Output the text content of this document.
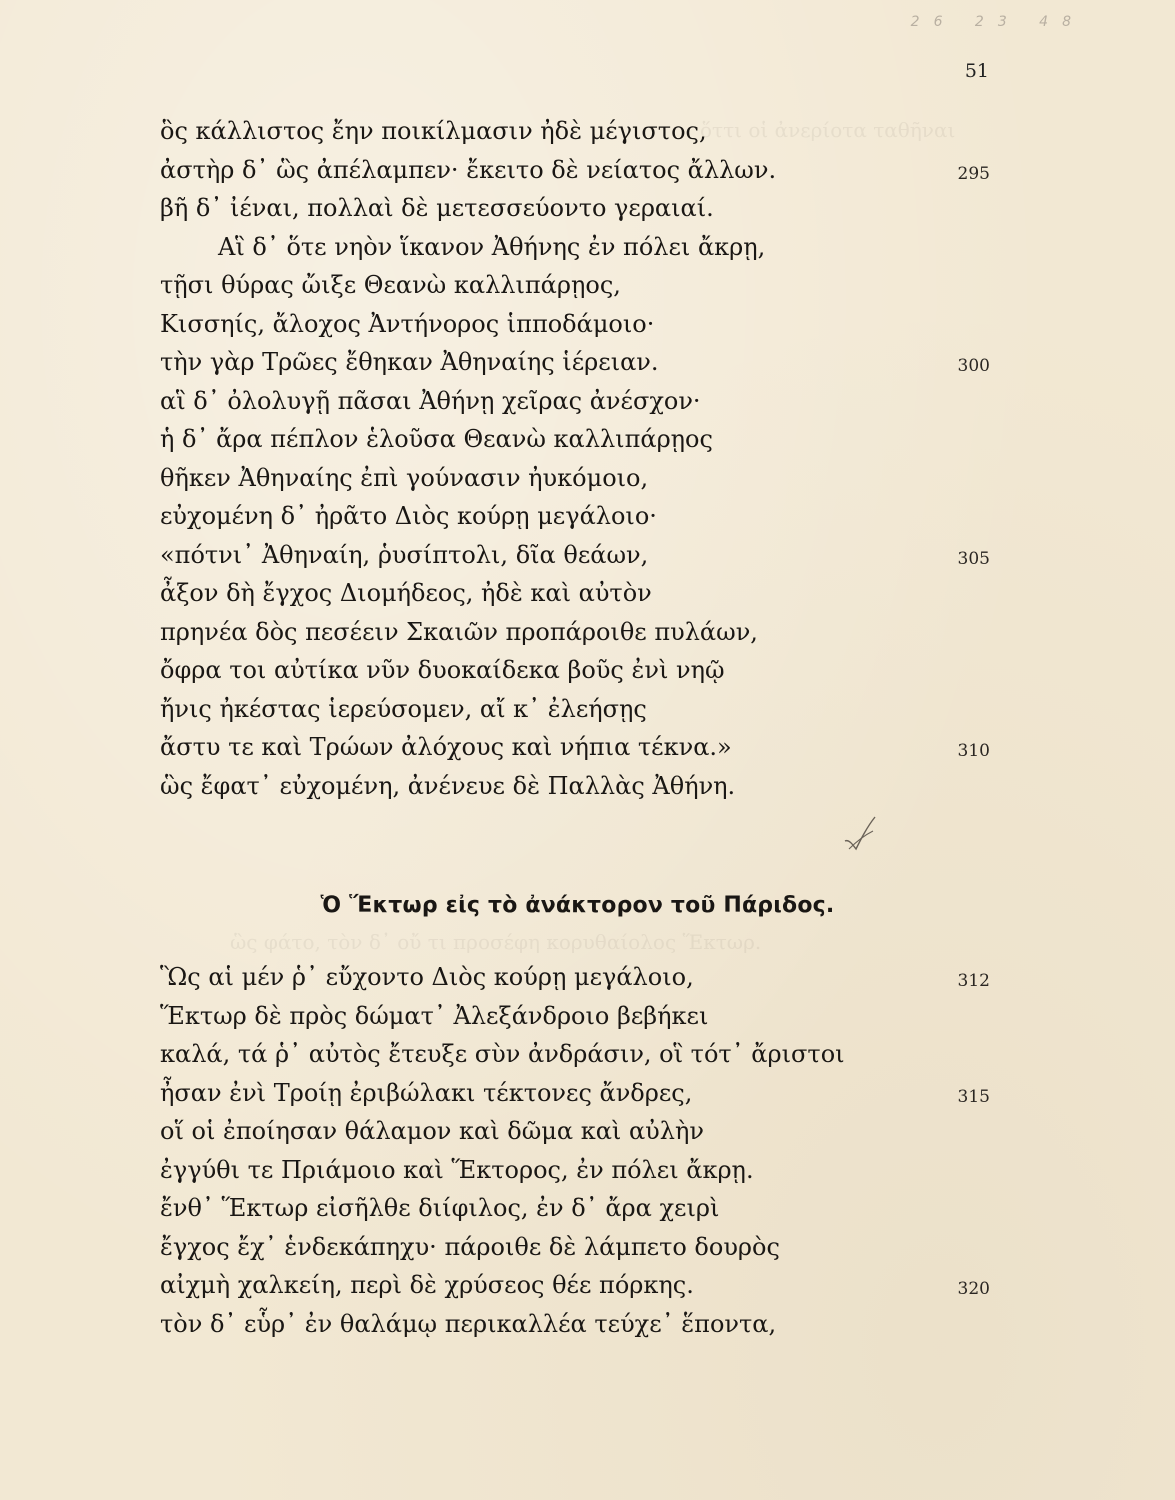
ὅττι οἱ ἀνερίοτα ταθῆναι
ὣς φάτο, τὸν δ᾽ οὔ τι προσέφη κορυθαίολος Ἕκτωρ.
26 23 48
51
ὃς κάλλιστος ἔην ποικίλμασιν ἠδὲ μέγιστος,
ἀστὴρ δ᾽ ὣς ἀπέλαμπεν· ἔκειτο δὲ νείατος ἄλλων.	295
βῆ δ᾽ ἰέναι, πολλαὶ δὲ μετεσσεύοντο γεραιαί.
Αἳ δ᾽ ὅτε νηὸν ἵκανον Ἀθήνης ἐν πόλει ἄκρῃ,
τῇσι θύρας ὤιξε Θεανὼ καλλιπάρῃος,
Κισσηίς, ἄλοχος Ἀντήνορος ἱπποδάμοιο·
τὴν γὰρ Τρῶες ἔθηκαν Ἀθηναίης ἱέρειαν.	300
αἳ δ᾽ ὀλολυγῇ πᾶσαι Ἀθήνῃ χεῖρας ἀνέσχον·
ἡ δ᾽ ἄρα πέπλον ἑλοῦσα Θεανὼ καλλιπάρῃος
θῆκεν Ἀθηναίης ἐπὶ γούνασιν ἠυκόμοιο,
εὐχομένη δ᾽ ἠρᾶτο Διὸς κούρῃ μεγάλοιο·
«πότνι᾽ Ἀθηναίη, ῥυσίπτολι, δῖα θεάων,	305
ἆξον δὴ ἔγχος Διομήδεος, ἠδὲ καὶ αὐτὸν
πρηνέα δὸς πεσέειν Σκαιῶν προπάροιθε πυλάων,
ὄφρα τοι αὐτίκα νῦν δυοκαίδεκα βοῦς ἐνὶ νηῷ
ἤνις ἠκέστας ἱερεύσομεν, αἴ κ᾽ ἐλεήσῃς
ἄστυ τε καὶ Τρώων ἀλόχους καὶ νήπια τέκνα.»	310
ὣς ἔφατ᾽ εὐχομένη, ἀνένευε δὲ Παλλὰς Ἀθήνη.
Ὁ Ἕκτωρ εἰς τὸ ἀνάκτορον τοῦ Πάριδος.
Ὣς αἱ μέν ῥ᾽ εὔχοντο Διὸς κούρῃ μεγάλοιο,	312
Ἕκτωρ δὲ πρὸς δώματ᾽ Ἀλεξάνδροιο βεβήκει
καλά, τά ῥ᾽ αὐτὸς ἔτευξε σὺν ἀνδράσιν, οἳ τότ᾽ ἄριστοι
ἦσαν ἐνὶ Τροίῃ ἐριβώλακι τέκτονες ἄνδρες,	315
οἵ οἱ ἐποίησαν θάλαμον καὶ δῶμα καὶ αὐλὴν
ἐγγύθι τε Πριάμοιο καὶ Ἕκτορος, ἐν πόλει ἄκρῃ.
ἔνθ᾽ Ἕκτωρ εἰσῆλθε διίφιλος, ἐν δ᾽ ἄρα χειρὶ
ἔγχος ἔχ᾽ ἑνδεκάπηχυ· πάροιθε δὲ λάμπετο δουρὸς
αἰχμὴ χαλκείη, περὶ δὲ χρύσεος θέε πόρκης.	320
τὸν δ᾽ εὗρ᾽ ἐν θαλάμῳ περικαλλέα τεύχε᾽ ἕποντα,
